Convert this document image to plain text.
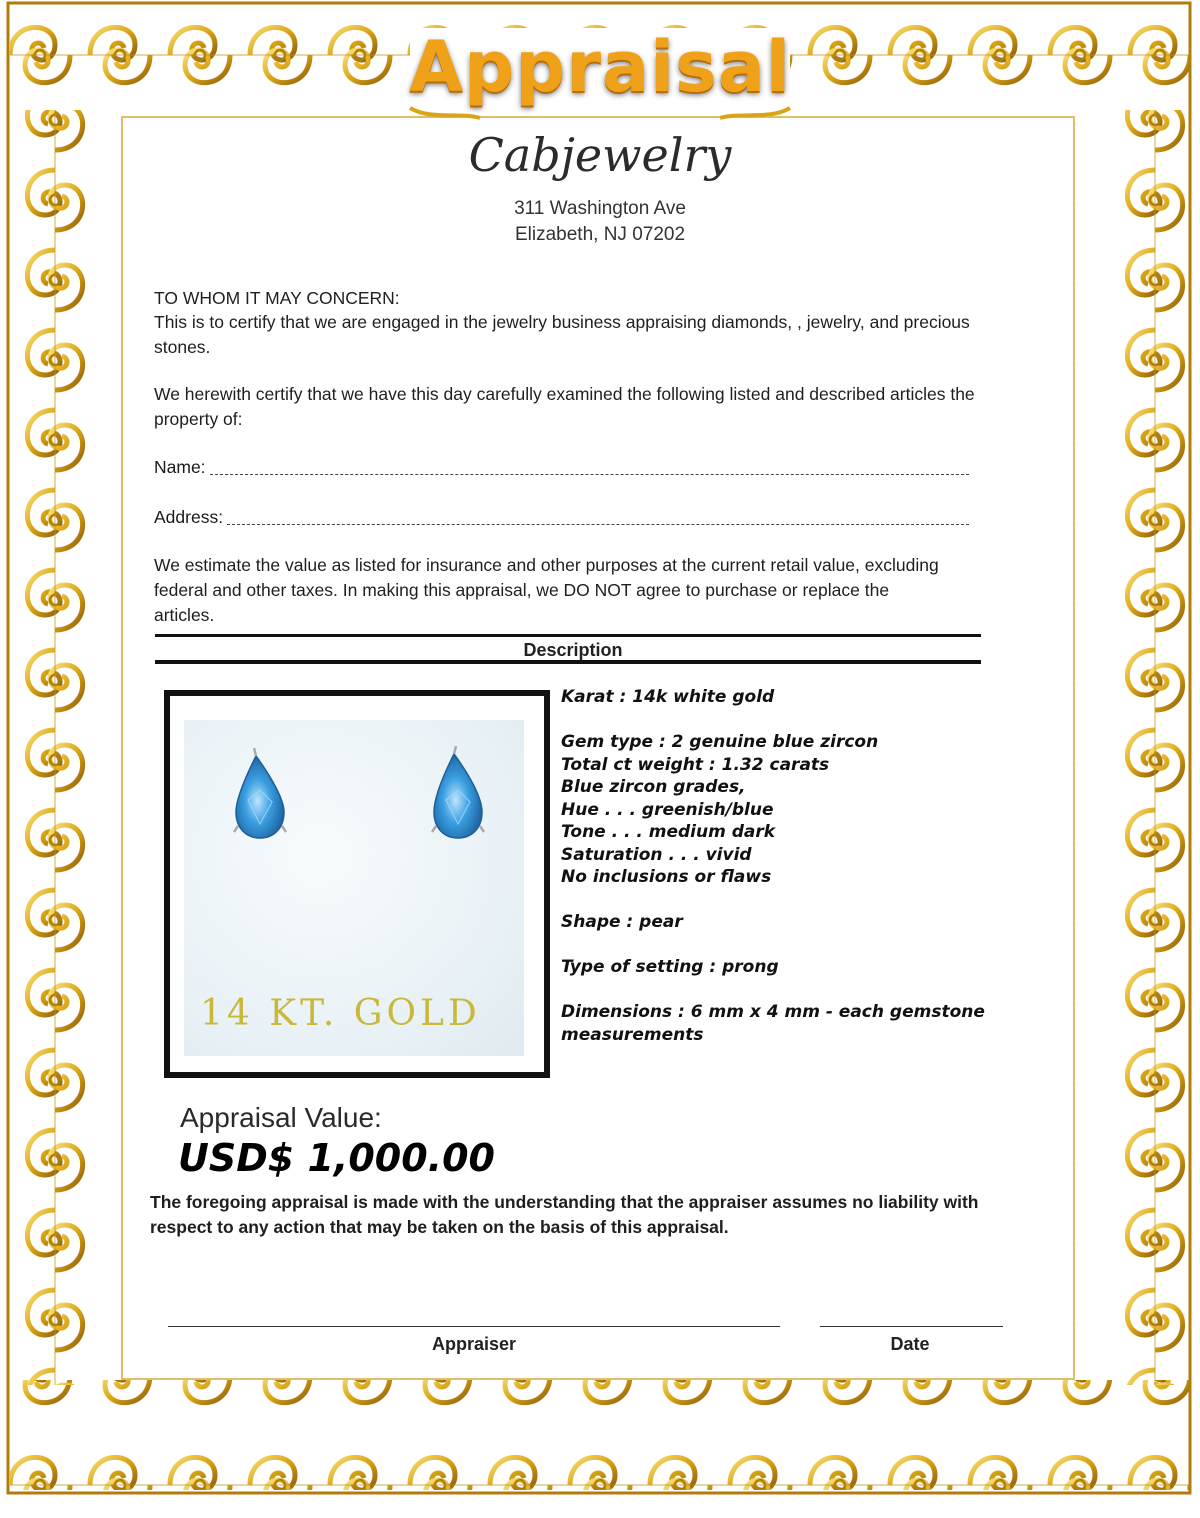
Appraisal
Cabjewelry
311 Washington Ave
Elizabeth, NJ 07202
TO WHOM IT MAY CONCERN:
This is to certify that we are engaged in the jewelry business appraising diamonds, , jewelry, and precious stones.
We herewith certify that we have this day carefully examined the following listed and described articles the property of:
Name:
Address:
We estimate the value as listed for insurance and other purposes at the current retail value, excluding federal and other taxes. In making this appraisal, we DO NOT agree to purchase or replace the articles.
Description
14 KT. GOLD
Karat : 14k white gold
Gem type : 2 genuine blue zircon
Total ct weight : 1.32 carats
Blue zircon grades,
Hue . . . greenish/blue
Tone . . . medium dark
Saturation . . . vivid
No inclusions or flaws
Shape : pear
Type of setting : prong
Dimensions : 6 mm x 4 mm - each gemstone measurements
Appraisal Value:
USD$ 1,000.00
The foregoing appraisal is made with the understanding that the appraiser assumes no liability with respect to any action that may be taken on the basis of this appraisal.
Appraiser	Date
